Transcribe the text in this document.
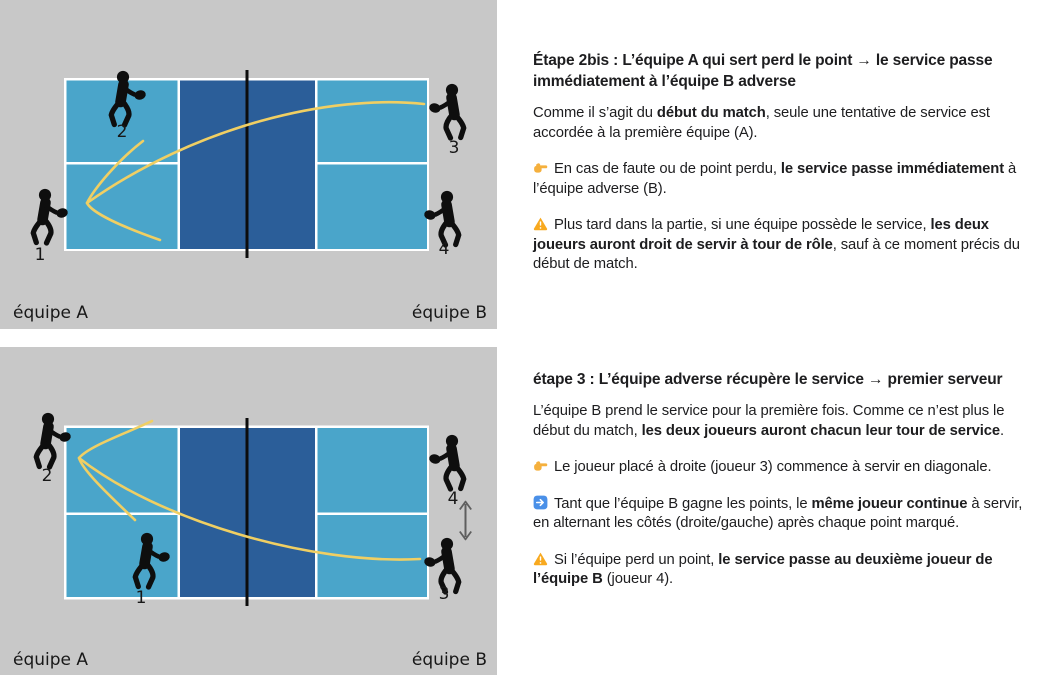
2
1
3
4
équipe A	équipe B
2
1
4
3
équipe A	équipe B
Étape 2bis : L’équipe A qui sert perd le point → le service passe immédiatement à l’équipe B adverse

Comme il s’agit du début du match, seule une tentative de service est accordée à la première équipe (A).

En cas de faute ou de point perdu, le service passe immédiatement à l’équipe adverse (B).

Plus tard dans la partie, si une équipe possède le service, les deux joueurs auront droit de servir à tour de rôle, sauf à ce moment précis du début de match.

étape 3 : L’équipe adverse récupère le service → premier serveur

L’équipe B prend le service pour la première fois. Comme ce n’est plus le début du match, les deux joueurs auront chacun leur tour de service.

Le joueur placé à droite (joueur 3) commence à servir en diagonale.

Tant que l’équipe B gagne les points, le même joueur continue à servir, en alternant les côtés (droite/gauche) après chaque point marqué.

Si l’équipe perd un point, le service passe au deuxième joueur de l’équipe B (joueur 4).
